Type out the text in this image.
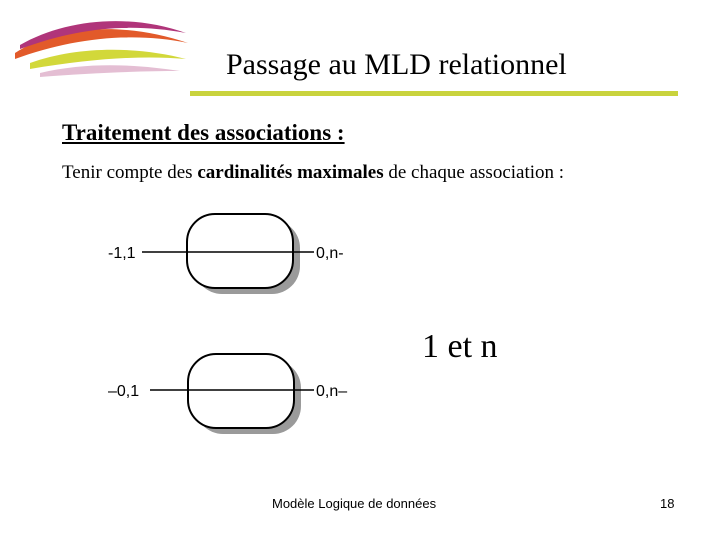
Passage au MLD relationnel
Traitement des associations :
Tenir compte des cardinalités maximales de chaque association :
-1,1	0,n-
–0,1	0,n–
1 et n
Modèle Logique de données	18
